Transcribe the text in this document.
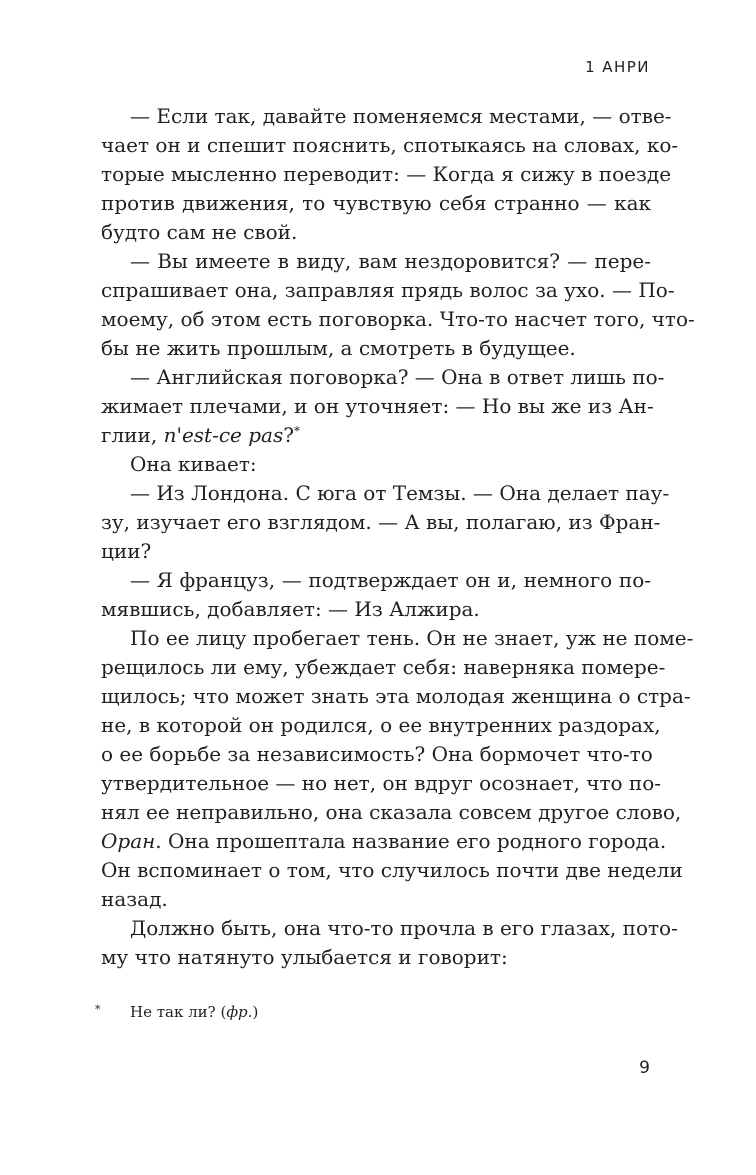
1 АНРИ
— Если так, давайте поменяемся местами, — отве-
чает он и спешит пояснить, спотыкаясь на словах, ко-
торые мысленно переводит: — Когда я сижу в поезде
против движения, то чувствую себя странно — как
будто сам не свой.
— Вы имеете в виду, вам нездоровится? — пере-
спрашивает она, заправляя прядь волос за ухо. — По-
моему, об этом есть поговорка. Что-то насчет того, что-
бы не жить прошлым, а смотреть в будущее.
— Английская поговорка? — Она в ответ лишь по-
жимает плечами, и он уточняет: — Но вы же из Ан-
глии, n'est-ce pas?*
Она кивает:
— Из Лондона. С юга от Темзы. — Она делает пау-
зу, изучает его взглядом. — А вы, полагаю, из Фран-
ции?
— Я француз, — подтверждает он и, немного по-
мявшись, добавляет: — Из Алжира.
По ее лицу пробегает тень. Он не знает, уж не поме-
рещилось ли ему, убеждает себя: наверняка помере-
щилось; что может знать эта молодая женщина о стра-
не, в которой он родился, о ее внутренних раздорах,
о ее борьбе за независимость? Она бормочет что-то
утвердительное — но нет, он вдруг осознает, что по-
нял ее неправильно, она сказала совсем другое слово,
Оран. Она прошептала название его родного города.
Он вспоминает о том, что случилось почти две недели
назад.
Должно быть, она что-то прочла в его глазах, пото-
му что натянуто улыбается и говорит:
* Не так ли? (фр.)
9
